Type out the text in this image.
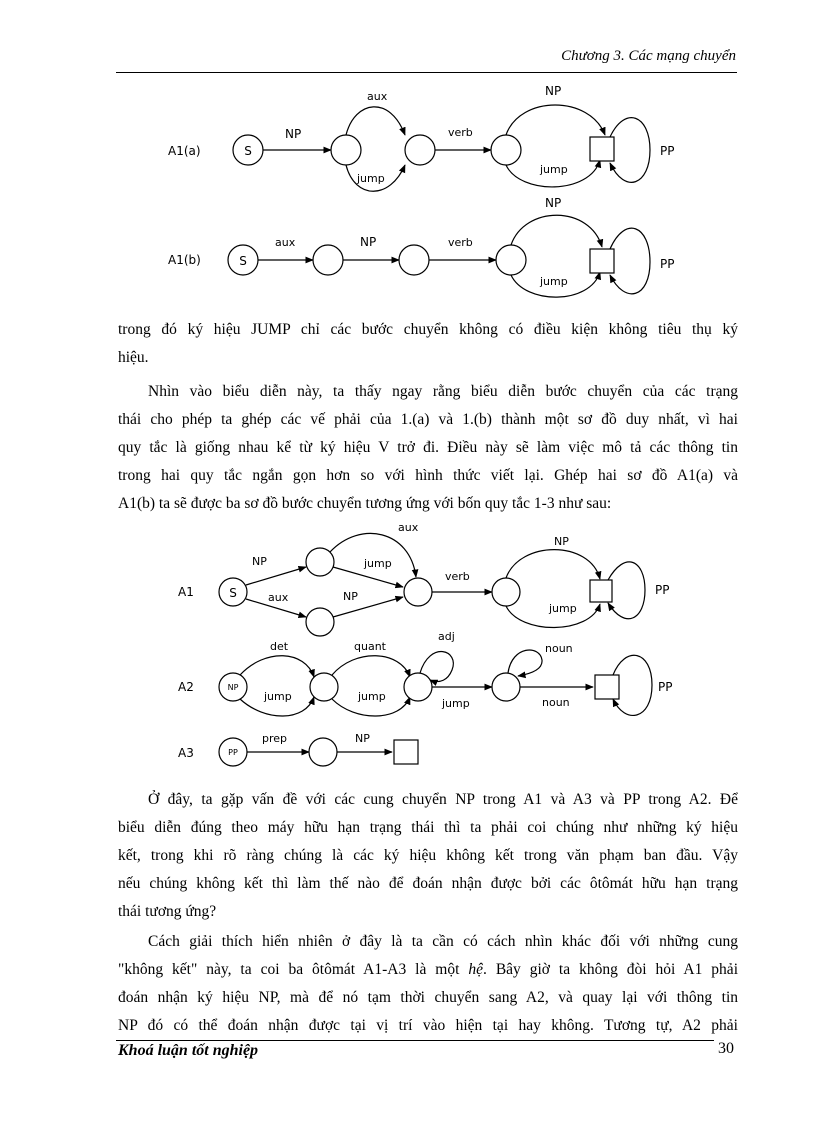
Chương 3. Các mạng chuyển
A1(a)	S
NP
aux
jump
verb
NP
jump
PP
A1(b)	S
aux	NP	verb
NP
jump
PP
A1	S
NP
aux
aux
jump
NP
verb
NP
jump
PP
A2	NP
det
jump
quant
jump
adj
jump
noun
noun
PP
A3	PP
prep	NP
trong đó ký hiệu JUMP chỉ các bước chuyển không có điều kiện không tiêu thụ ký
hiệu.
Nhìn vào biểu diễn này, ta thấy ngay rằng biểu diễn bước chuyển của các trạng
thái cho phép ta ghép các vế phải của 1.(a) và 1.(b) thành một sơ đồ duy nhất, vì hai
quy tắc là giống nhau kể từ ký hiệu V trở đi. Điều này sẽ làm việc mô tả các thông tin
trong hai quy tắc ngắn gọn hơn so với hình thức viết lại. Ghép hai sơ đồ A1(a) và
A1(b) ta sẽ được ba sơ đồ bước chuyển tương ứng với bốn quy tắc 1-3 như sau:
Ở đây, ta gặp vấn đề với các cung chuyển NP trong A1 và A3 và PP trong A2. Để
biểu diễn đúng theo máy hữu hạn trạng thái thì ta phải coi chúng như những ký hiệu
kết, trong khi rõ ràng chúng là các ký hiệu không kết trong văn phạm ban đầu. Vậy
nếu chúng không kết thì làm thế nào để đoán nhận được bởi các ôtômát hữu hạn trạng
thái tương ứng?
Cách giải thích hiển nhiên ở đây là ta cần có cách nhìn khác đối với những cung
"không kết" này, ta coi ba ôtômát A1-A3 là một hệ. Bây giờ ta không đòi hỏi A1 phải
đoán nhận ký hiệu NP, mà để nó tạm thời chuyển sang A2, và quay lại với thông tin
NP đó có thể đoán nhận được tại vị trí vào hiện tại hay không. Tương tự, A2 phải
Khoá luận tốt nghiệp	30
